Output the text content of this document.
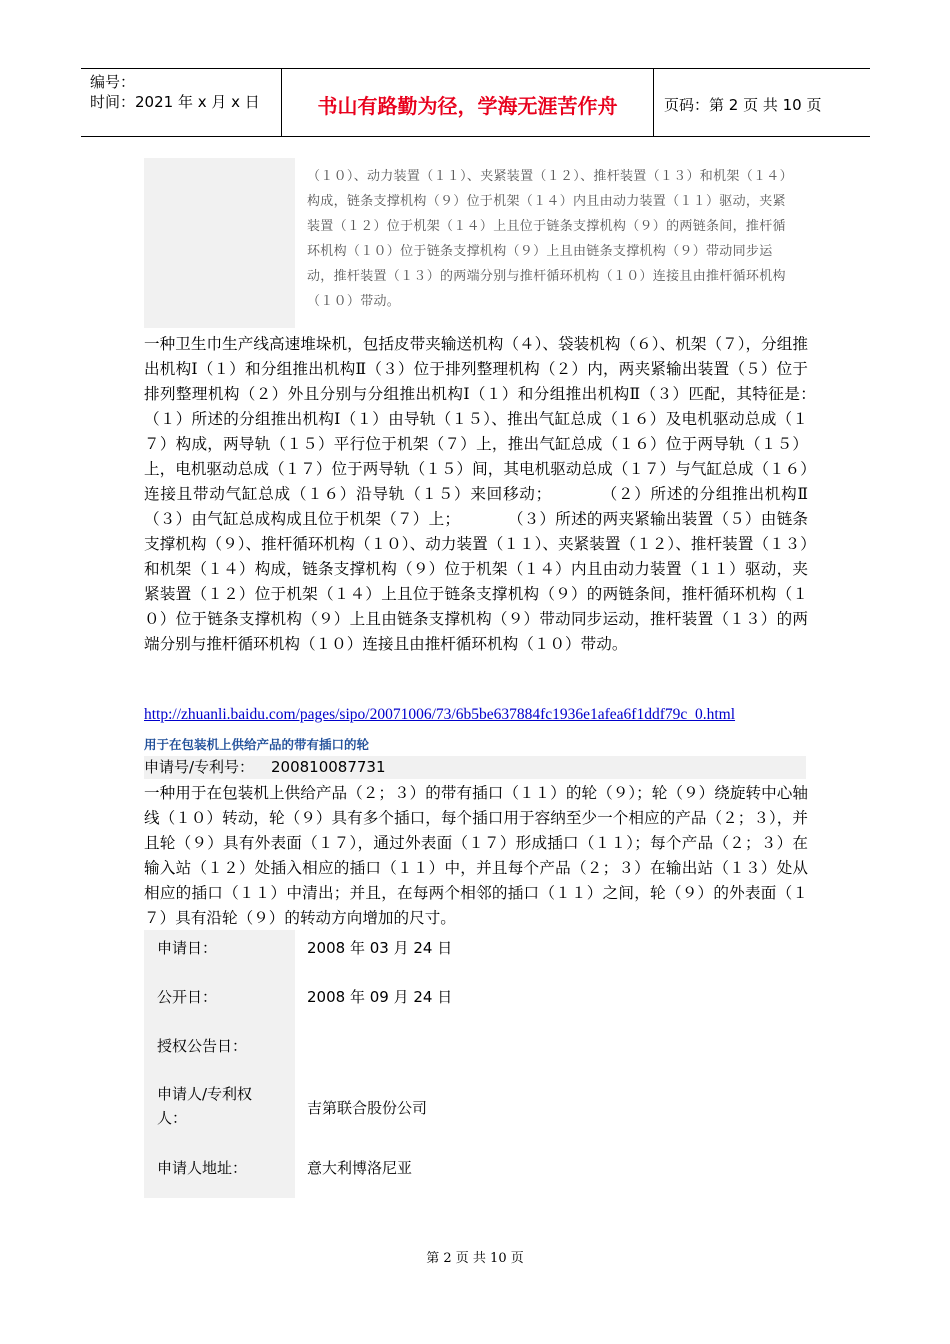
编号：
时间：2021 年 x 月 x 日	书山有路勤为径，学海无涯苦作舟	页码：第 2 页 共 10 页
（１０）、动力装置（１１）、夹紧装置（１２）、推杆装置（１３）和机架（１４）构成，链条支撑机构（９）位于机架（１４）内且由动力装置（１１）驱动，夹紧装置（１２）位于机架（１４）上且位于链条支撑机构（９）的两链条间，推杆循环机构（１０）位于链条支撑机构（９）上且由链条支撑机构（９）带动同步运动，推杆装置（１３）的两端分别与推杆循环机构（１０）连接且由推杆循环机构（１０）带动。
一种卫生巾生产线高速堆垛机，包括皮带夹输送机构（４）、袋装机构（６）、机架（７），分组推出机构Ⅰ（１）和分组推出机构Ⅱ（３）位于排列整理机构（２）内，两夹紧输出装置（５）位于排列整理机构（２）外且分别与分组推出机构Ⅰ（１）和分组推出机构Ⅱ（３）匹配，其特征是：　　　　（１）所述的分组推出机构Ⅰ（１）由导轨（１５）、推出气缸总成（１６）及电机驱动总成（１７）构成，两导轨（１５）平行位于机架（７）上，推出气缸总成（１６）位于两导轨（１５）上，电机驱动总成（１７）位于两导轨（１５）间，其电机驱动总成（１７）与气缸总成（１６）连接且带动气缸总成（１６）沿导轨（１５）来回移动；　　　　（２）所述的分组推出机构Ⅱ（３）由气缸总成构成且位于机架（７）上；　　　　（３）所述的两夹紧输出装置（５）由链条支撑机构（９）、推杆循环机构（１０）、动力装置（１１）、夹紧装置（１２）、推杆装置（１３）和机架（１４）构成，链条支撑机构（９）位于机架（１４）内且由动力装置（１１）驱动，夹紧装置（１２）位于机架（１４）上且位于链条支撑机构（９）的两链条间，推杆循环机构（１０）位于链条支撑机构（９）上且由链条支撑机构（９）带动同步运动，推杆装置（１３）的两端分别与推杆循环机构（１０）连接且由推杆循环机构（１０）带动。
http://zhuanli.baidu.com/pages/sipo/20071006/73/6b5be637884fc1936e1afea6f1ddf79c_0.html
用于在包装机上供给产品的带有插口的轮
申请号/专利号： 200810087731
一种用于在包装机上供给产品（２；３）的带有插口（１１）的轮（９）；轮（９）绕旋转中心轴线（１０）转动，轮（９）具有多个插口，每个插口用于容纳至少一个相应的产品（２；３），并且轮（９）具有外表面（１７），通过外表面（１７）形成插口（１１）；每个产品（２；３）在输入站（１２）处插入相应的插口（１１）中，并且每个产品（２；３）在输出站（１３）处从相应的插口（１１）中清出；并且，在每两个相邻的插口（１１）之间，轮（９）的外表面（１７）具有沿轮（９）的转动方向增加的尺寸。
申请日：	2008 年 03 月 24 日
公开日：	2008 年 09 月 24 日
授权公告日：
申请人/专利权
人：
吉第联合股份公司
申请人地址：	意大利博洛尼亚
第 2 页 共 10 页
